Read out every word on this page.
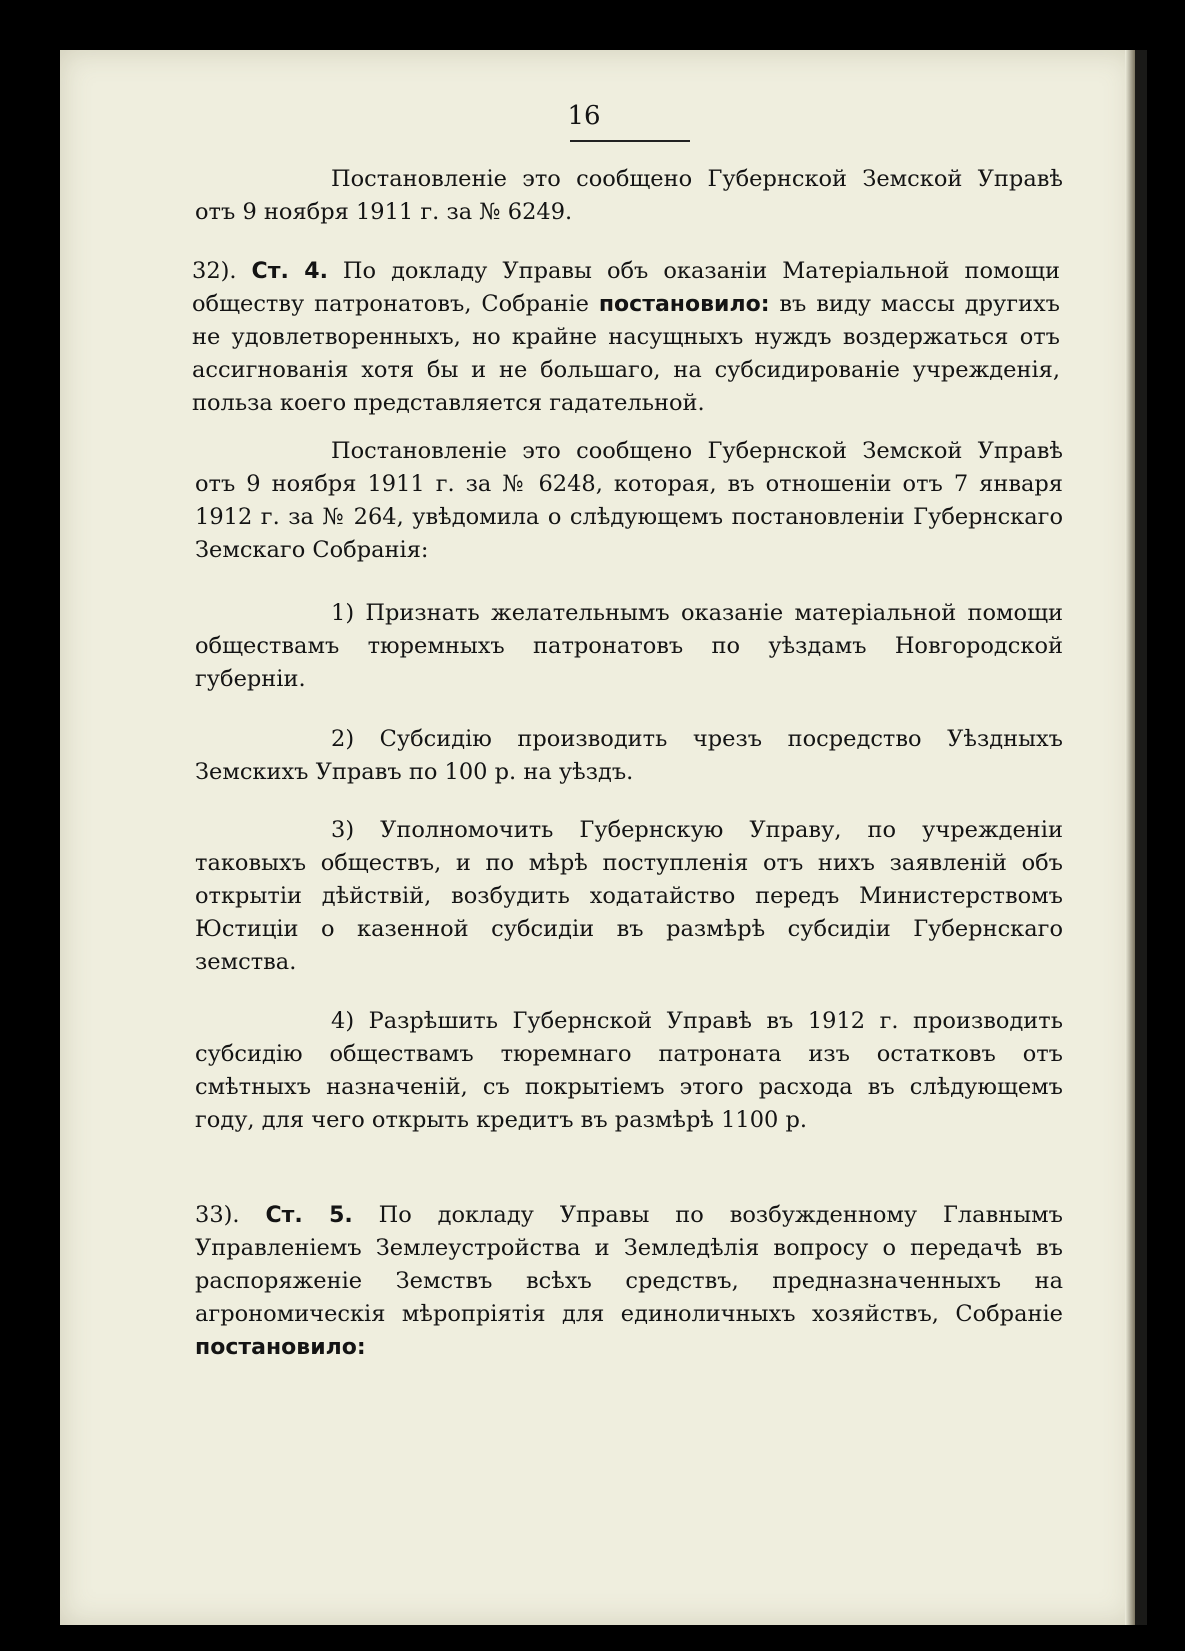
16

Постановленіе это сообщено Губернской Земской Управѣ отъ 9 ноября 1911 г. за № 6249.

32). Ст. 4. По докладу Управы объ оказаніи Матеріальной помощи обществу патронатовъ, Собраніе постановило: въ виду массы другихъ не удовлетворенныхъ, но крайне насущныхъ нуждъ воздержаться отъ ассигнованія хотя бы и не большаго, на субсидированіе учрежденія, польза коего представляется гадательной.

Постановленіе это сообщено Губернской Земской Управѣ отъ 9 ноября 1911 г. за № 6248, которая, въ отношеніи отъ 7 января 1912 г. за № 264, увѣдомила о слѣдующемъ постановленіи Губернскаго Земскаго Собранія:

1) Признать желательнымъ оказаніе матеріальной помощи обществамъ тюремныхъ патронатовъ по уѣздамъ Новгородской губерніи.

2) Субсидію производить чрезъ посредство Уѣздныхъ Земскихъ Управъ по 100 р. на уѣздъ.

3) Уполномочить Губернскую Управу, по учрежденіи таковыхъ обществъ, и по мѣрѣ поступленія отъ нихъ заявленій объ открытіи дѣйствій, возбудить ходатайство передъ Министерствомъ Юстиціи о казенной субсидіи въ размѣрѣ субсидіи Губернскаго земства.

4) Разрѣшить Губернской Управѣ въ 1912 г. производить субсидію обществамъ тюремнаго патроната изъ остатковъ отъ смѣтныхъ назначеній, съ покрытіемъ этого расхода въ слѣдующемъ году, для чего открыть кредитъ въ размѣрѣ 1100 р.

33). Ст. 5. По докладу Управы по возбужденному Главнымъ Управленіемъ Землеустройства и Земледѣлія вопросу о передачѣ въ распоряженіе Земствъ всѣхъ средствъ, предназначенныхъ на агрономическія мѣропріятія для единоличныхъ хозяйствъ, Собраніе постановило:
